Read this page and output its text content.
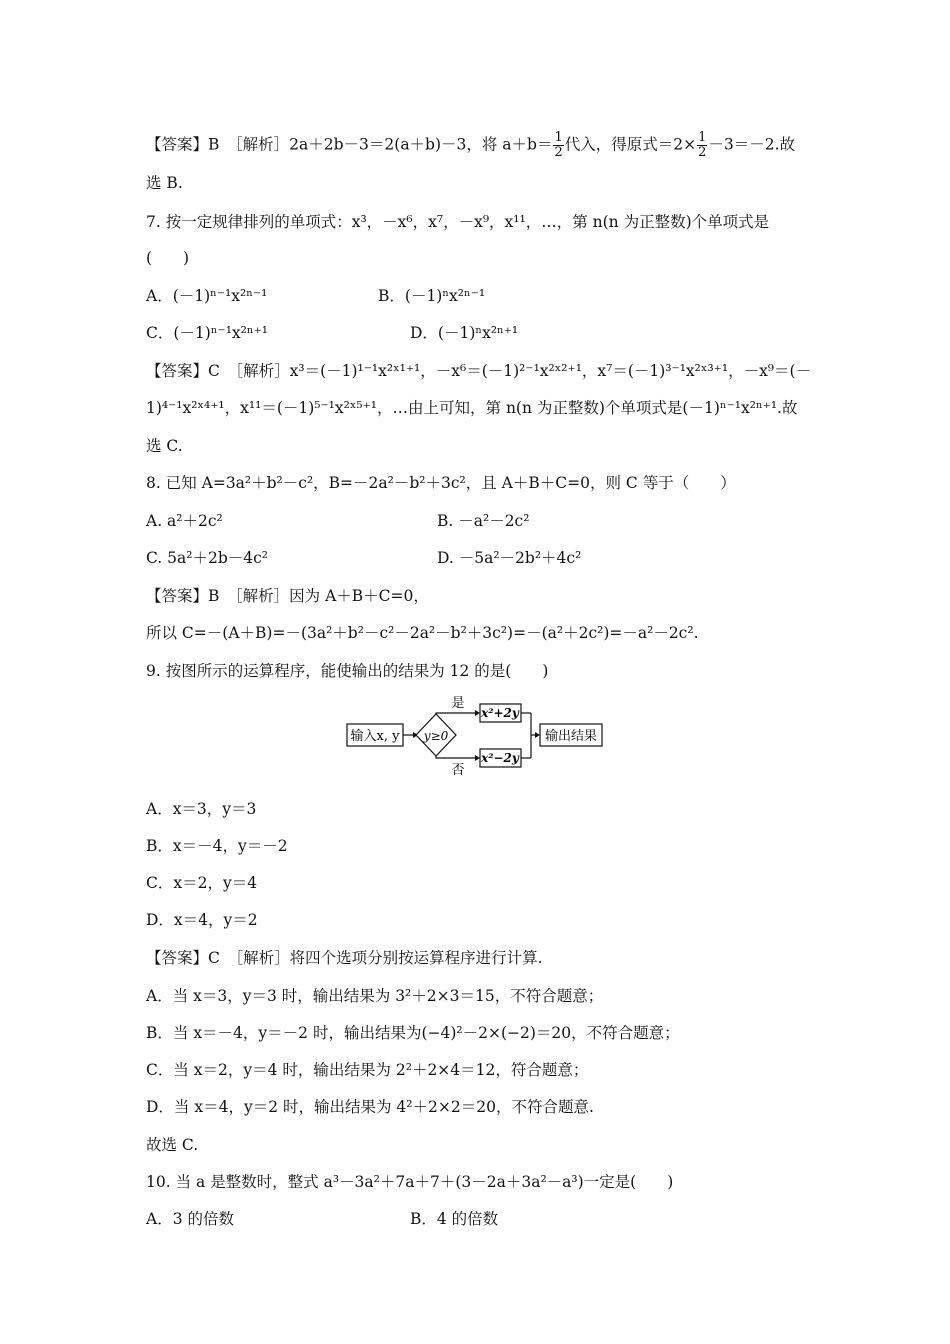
【答案】B　［解析］2a＋2b－3＝2(a＋b)－3，将 $a+b= \frac{1}{2}$ 代入，得原式$=2\times \frac{1}{2} -3=-2$.故
选 B.
7. 按一定规律排列的单项式：x³，－x⁶，x⁷，－x⁹，x¹¹，…，第 n(n 为正整数)个单项式是
(　　)
A．(－1)ⁿ⁻¹x²ⁿ⁻¹	B．(－1)ⁿx²ⁿ⁻¹
C．(－1)ⁿ⁻¹x²ⁿ⁺¹	D．(－1)ⁿx²ⁿ⁺¹
【答案】C　［解析］x³＝(－1)¹⁻¹x²ˣ¹⁺¹，－x⁶＝(－1)²⁻¹x²ˣ²⁺¹，x⁷＝(－1)³⁻¹x²ˣ³⁺¹，－x⁹＝(－
1)⁴⁻¹x²ˣ⁴⁺¹，x¹¹＝(－1)⁵⁻¹x²ˣ⁵⁺¹，…由上可知，第 n(n 为正整数)个单项式是(－1)ⁿ⁻¹x²ⁿ⁺¹.故
选 C.
8. 已知 A=3a²＋b²－c²，B=－2a²－b²＋3c²，且 A＋B＋C=0，则 C 等于（　　）
A. a²＋2c²	B. －a²－2c²
C. 5a²＋2b－4c²	D. －5a²－2b²＋4c²
【答案】B　［解析］因为 A＋B＋C=0，
所以 C=－(A＋B)=－(3a²＋b²－c²－2a²－b²＋3c²)=－(a²＋2c²)=－a²－2c².
9. 按图所示的运算程序，能使输出的结果为 12 的是(　　)
输入x, y y≥0
是
x²+2y
否
x²−2y
输出结果
A．x＝3，y＝3
B．x＝－4，y＝－2
C．x＝2，y＝4
D．x＝4，y＝2
【答案】C　［解析］将四个选项分别按运算程序进行计算.
A．当 x＝3，y＝3 时，输出结果为 3²＋2×3＝15，不符合题意；
B．当 x＝－4，y＝－2 时，输出结果为(−4)²－2×(−2)＝20，不符合题意；
C．当 x＝2，y＝4 时，输出结果为 2²＋2×4＝12，符合题意；
D．当 x＝4，y＝2 时，输出结果为 4²＋2×2＝20，不符合题意.
故选 C.
10. 当 a 是整数时，整式 a³－3a²＋7a＋7＋(3－2a＋3a²－a³)一定是(　　)
A．3 的倍数	B．4 的倍数
